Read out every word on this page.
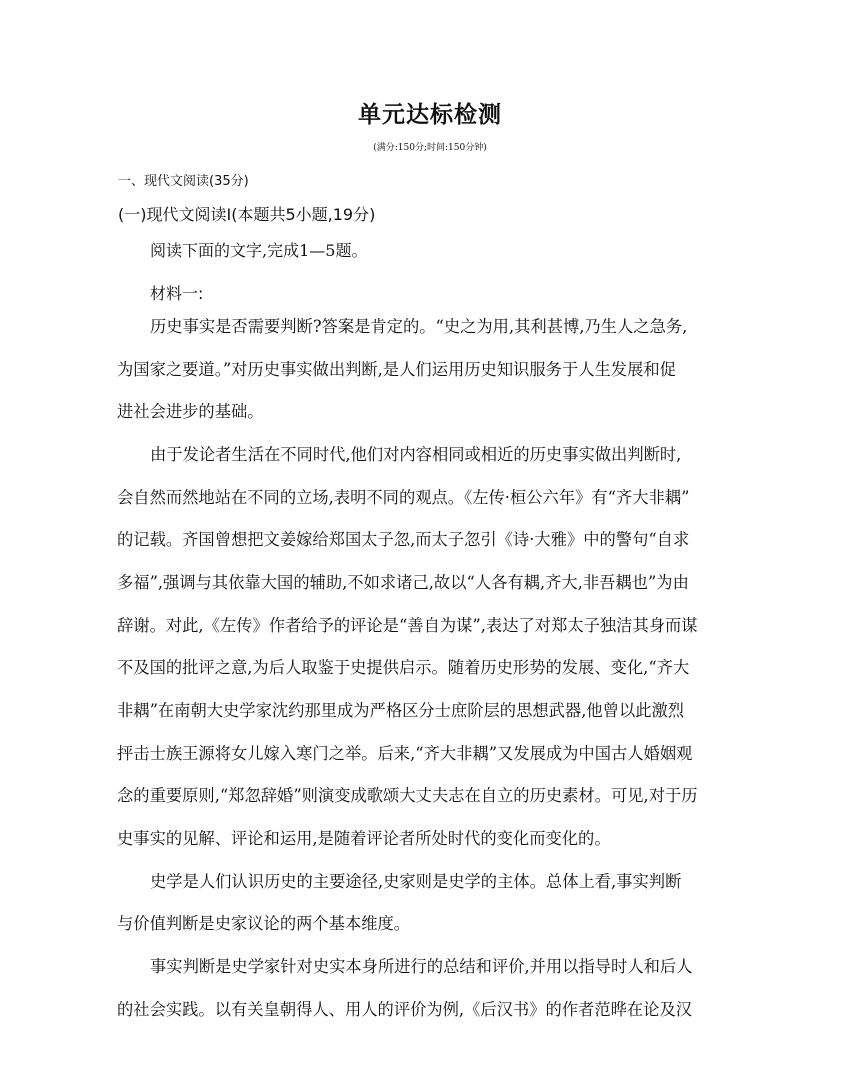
单元达标检测

(满分:150分;时间:150分钟)

一、现代文阅读(35分)

(一)现代文阅读Ⅰ(本题共5小题,19分)

阅读下面的文字,完成1—5题。

材料一:

历史事实是否需要判断?答案是肯定的。“史之为用,其利甚博,乃生人之急务,

为国家之要道。”对历史事实做出判断,是人们运用历史知识服务于人生发展和促

进社会进步的基础。

由于发论者生活在不同时代,他们对内容相同或相近的历史事实做出判断时,

会自然而然地站在不同的立场,表明不同的观点。《左传·桓公六年》有“齐大非耦”

的记载。齐国曾想把文姜嫁给郑国太子忽,而太子忽引《诗·大雅》中的警句“自求

多福”,强调与其依靠大国的辅助,不如求诸己,故以“人各有耦,齐大,非吾耦也”为由

辞谢。对此,《左传》作者给予的评论是“善自为谋”,表达了对郑太子独洁其身而谋

不及国的批评之意,为后人取鉴于史提供启示。随着历史形势的发展、变化,“齐大

非耦”在南朝大史学家沈约那里成为严格区分士庶阶层的思想武器,他曾以此激烈

抨击士族王源将女儿嫁入寒门之举。后来,“齐大非耦”又发展成为中国古人婚姻观

念的重要原则,“郑忽辞婚”则演变成歌颂大丈夫志在自立的历史素材。可见,对于历

史事实的见解、评论和运用,是随着评论者所处时代的变化而变化的。

史学是人们认识历史的主要途径,史家则是史学的主体。总体上看,事实判断

与价值判断是史家议论的两个基本维度。

事实判断是史学家针对史实本身所进行的总结和评价,并用以指导时人和后人

的社会实践。以有关皇朝得人、用人的评价为例,《后汉书》的作者范晔在论及汉
